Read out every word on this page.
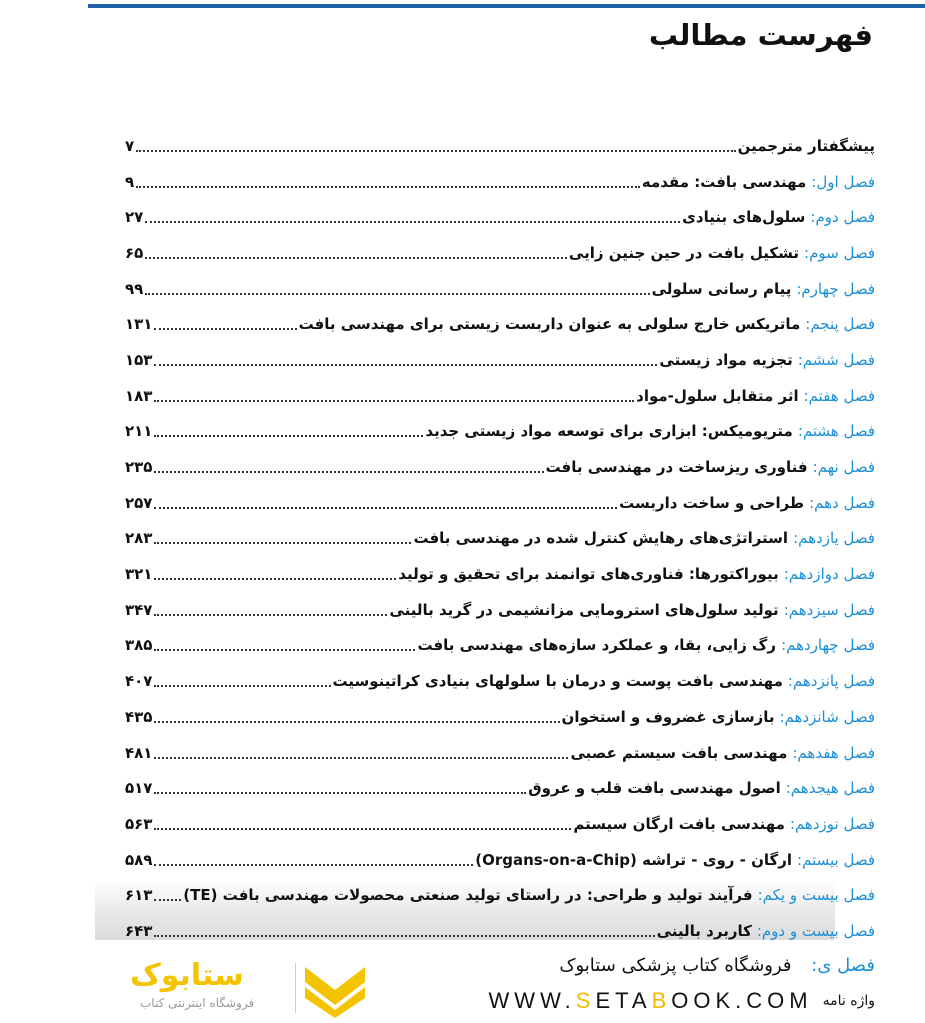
فهرست مطالب
پیشگفتار مترجمین
۷
فصل اول:
مهندسی بافت: مقدمه
۹
فصل دوم:
سلول‌های بنیادی
۲۷
فصل سوم:
تشکیل بافت در حین جنین زایی
۶۵
فصل چهارم:
پیام رسانی سلولی
۹۹
فصل پنجم:
ماتریکس خارج سلولی به عنوان داربست زیستی برای مهندسی بافت
۱۳۱
فصل ششم:
تجزیه مواد زیستی
۱۵۳
فصل هفتم:
اثر متقابل سلول-مواد
۱۸۳
فصل هشتم:
متریومیکس: ابزاری برای توسعه مواد زیستی جدید
۲۱۱
فصل نهم:
فناوری ریزساخت در مهندسی بافت
۲۳۵
فصل دهم:
طراحی و ساخت داربست
۲۵۷
فصل یازدهم:
استراتژی‌های رهایش کنترل شده در مهندسی بافت
۲۸۳
فصل دوازدهم:
بیوراکتورها: فناوری‌های توانمند برای تحقیق و تولید
۳۲۱
فصل سیزدهم:
تولید سلول‌های استرومایی مزانشیمی در گرید بالینی
۳۴۷
فصل چهاردهم:
رگ زایی، بقا، و عملکرد سازه‌های مهندسی بافت
۳۸۵
فصل پانزدهم:
مهندسی بافت پوست و درمان با سلولهای بنیادی کراتینوسیت
۴۰۷
فصل شانزدهم:
بازسازی غضروف و استخوان
۴۳۵
فصل هفدهم:
مهندسی بافت سیستم عصبی
۴۸۱
فصل هیجدهم:
اصول مهندسی بافت قلب و عروق
۵۱۷
فصل نوزدهم:
مهندسی بافت ارگان سیستم
۵۶۳
فصل بیستم:
ارگان - روی - تراشه (Organs-on-a-Chip)
۵۸۹
فصل بیست و یکم:
فرآیند تولید و طراحی: در راستای تولید صنعتی محصولات مهندسی بافت (TE)
۶۱۳
فصل بیست و دوم:
کاربرد بالینی
۶۴۳
فصل ی: فروشگاه کتاب پزشکی ستابوک
واژه نامه
WWW.SETABOOK.COM
ستابوک
فروشگاه اینترنتی کتاب
